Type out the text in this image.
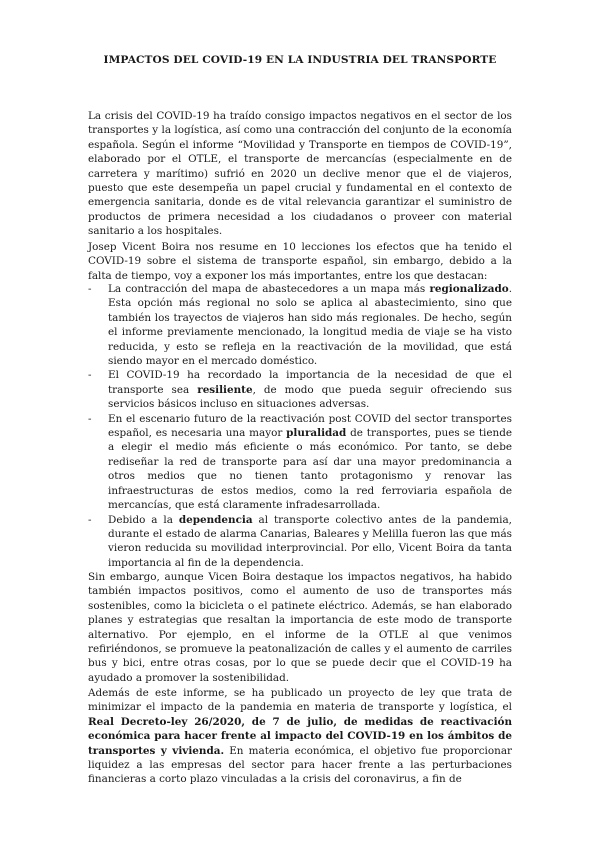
IMPACTOS DEL COVID-19 EN LA INDUSTRIA DEL TRANSPORTE

La crisis del COVID-19 ha traído consigo impactos negativos en el sector de los transportes y la logística, así como una contracción del conjunto de la economía española. Según el informe “Movilidad y Transporte en tiempos de COVID-19”, elaborado por el OTLE, el transporte de mercancías (especialmente en de carretera y marítimo) sufrió en 2020 un declive menor que el de viajeros, puesto que este desempeña un papel crucial y fundamental en el contexto de emergencia sanitaria, donde es de vital relevancia garantizar el suministro de productos de primera necesidad a los ciudadanos o proveer con material sanitario a los hospitales.

Josep Vicent Boira nos resume en 10 lecciones los efectos que ha tenido el COVID-19 sobre el sistema de transporte español, sin embargo, debido a la falta de tiempo, voy a exponer los más importantes, entre los que destacan:

- La contracción del mapa de abastecedores a un mapa más regionalizado. Esta opción más regional no solo se aplica al abastecimiento, sino que también los trayectos de viajeros han sido más regionales. De hecho, según el informe previamente mencionado, la longitud media de viaje se ha visto reducida, y esto se refleja en la reactivación de la movilidad, que está siendo mayor en el mercado doméstico.
- El COVID-19 ha recordado la importancia de la necesidad de que el transporte sea resiliente, de modo que pueda seguir ofreciendo sus servicios básicos incluso en situaciones adversas.
- En el escenario futuro de la reactivación post COVID del sector transportes español, es necesaria una mayor pluralidad de transportes, pues se tiende a elegir el medio más eficiente o más económico. Por tanto, se debe rediseñar la red de transporte para así dar una mayor predominancia a otros medios que no tienen tanto protagonismo y renovar las infraestructuras de estos medios, como la red ferroviaria española de mercancías, que está claramente infradesarrollada.
- Debido a la dependencia al transporte colectivo antes de la pandemia, durante el estado de alarma Canarias, Baleares y Melilla fueron las que más vieron reducida su movilidad interprovincial. Por ello, Vicent Boira da tanta importancia al fin de la dependencia.

Sin embargo, aunque Vicen Boira destaque los impactos negativos, ha habido también impactos positivos, como el aumento de uso de transportes más sostenibles, como la bicicleta o el patinete eléctrico. Además, se han elaborado planes y estrategias que resaltan la importancia de este modo de transporte alternativo. Por ejemplo, en el informe de la OTLE al que venimos refiriéndonos, se promueve la peatonalización de calles y el aumento de carriles bus y bici, entre otras cosas, por lo que se puede decir que el COVID-19 ha ayudado a promover la sostenibilidad.

Además de este informe, se ha publicado un proyecto de ley que trata de minimizar el impacto de la pandemia en materia de transporte y logística, el Real Decreto-ley 26/2020, de 7 de julio, de medidas de reactivación económica para hacer frente al impacto del COVID-19 en los ámbitos de transportes y vivienda. En materia económica, el objetivo fue proporcionar liquidez a las empresas del sector para hacer frente a las perturbaciones financieras a corto plazo vinculadas a la crisis del coronavirus, a fin de
